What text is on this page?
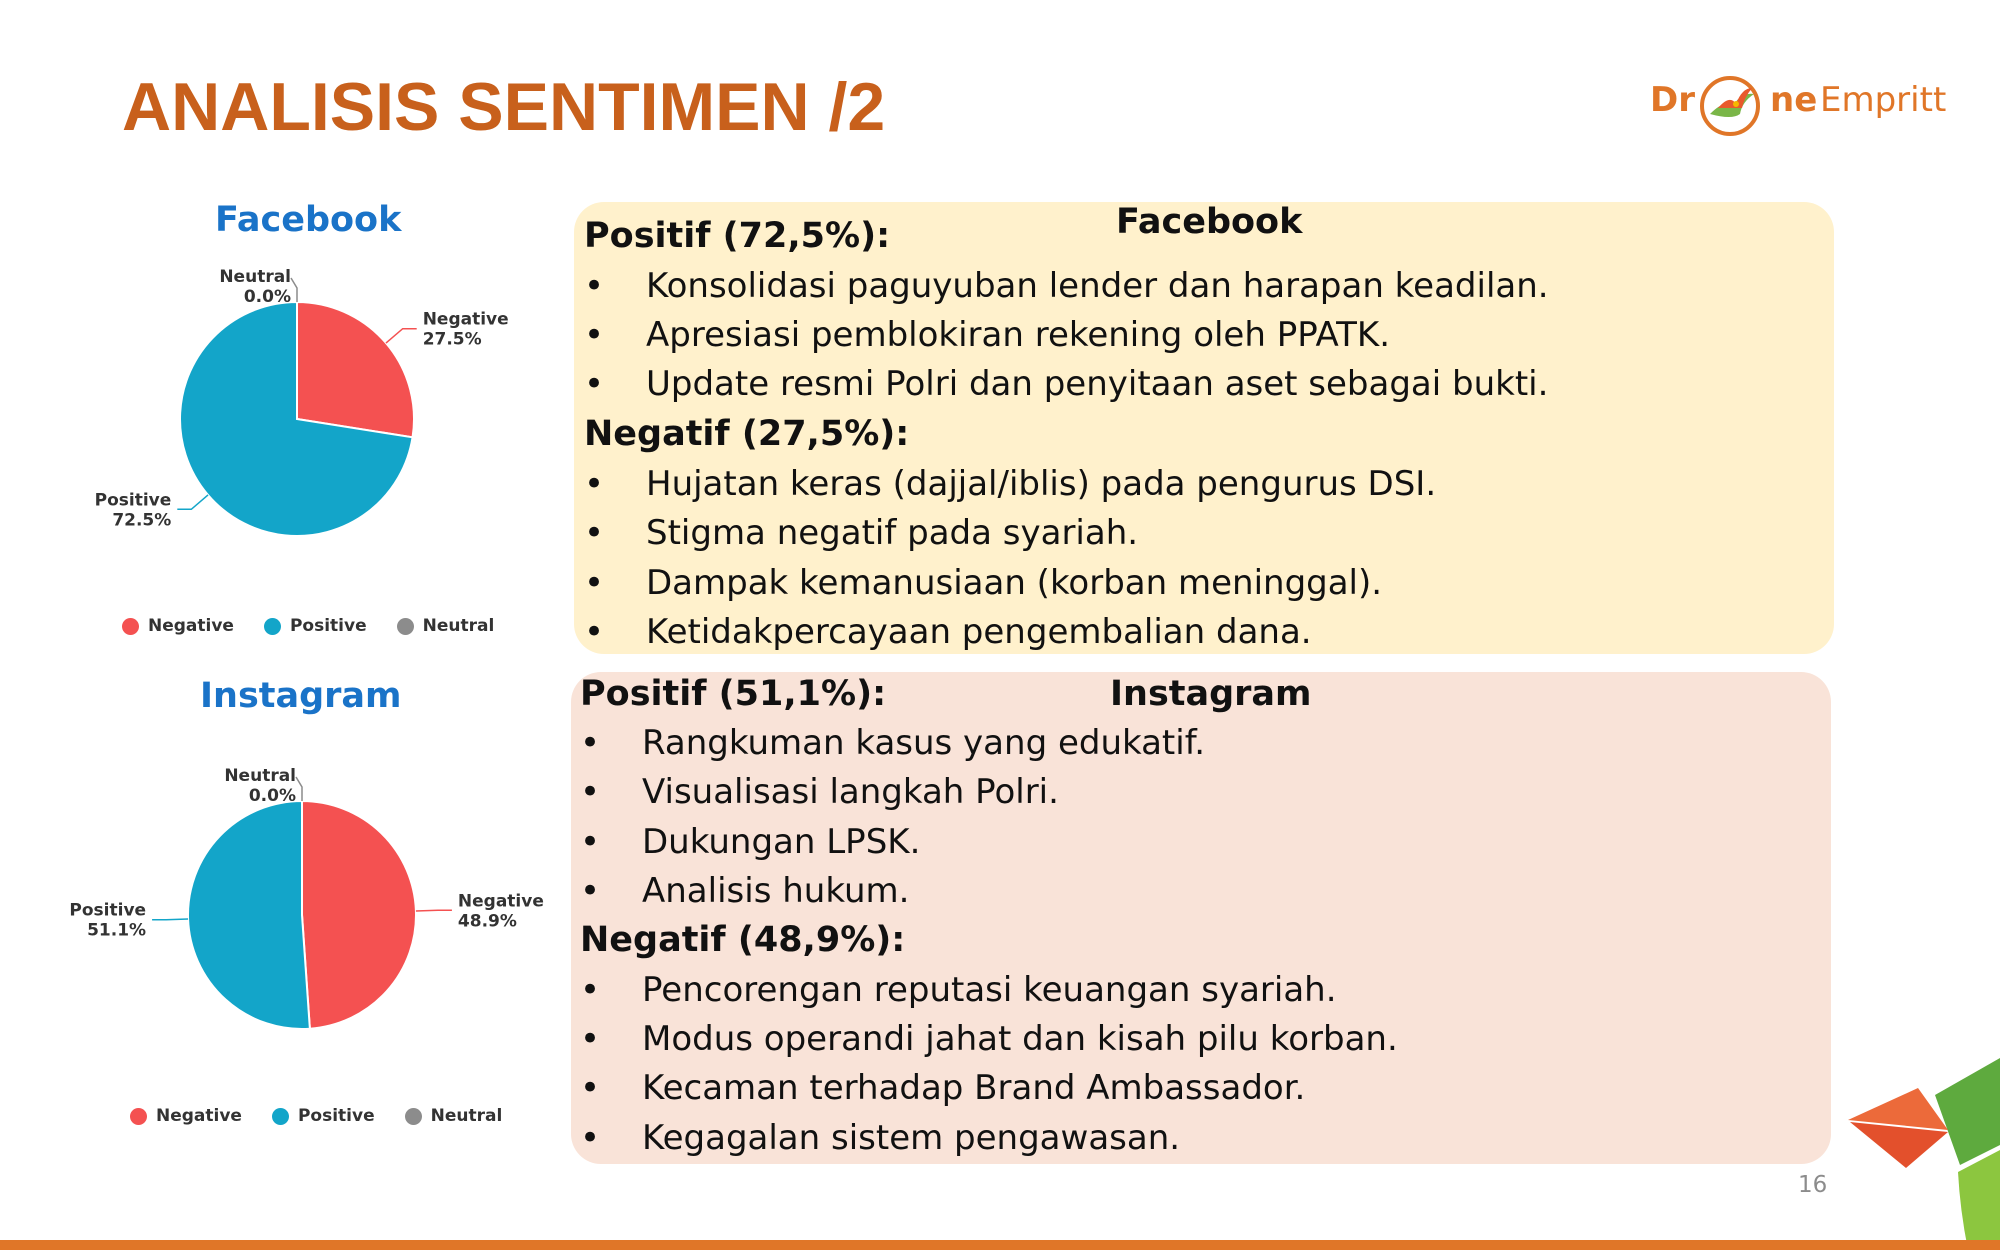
ANALISIS SENTIMEN /2	Dr ne Empritt
Facebook
Negative
27.5%
Positive
72.5%
Neutral
0.0%
Negative	Positive	Neutral
Instagram
Negative
48.9%
Positive
51.1%
Neutral
0.0%
Negative	Positive	Neutral
Facebook
Positif (72,5%):
• Konsolidasi paguyuban lender dan harapan keadilan.
• Apresiasi pemblokiran rekening oleh PPATK.
• Update resmi Polri dan penyitaan aset sebagai bukti.
Negatif (27,5%):
• Hujatan keras (dajjal/iblis) pada pengurus DSI.
• Stigma negatif pada syariah.
• Dampak kemanusiaan (korban meninggal).
• Ketidakpercayaan pengembalian dana.
Instagram
Positif (51,1%):
• Rangkuman kasus yang edukatif.
• Visualisasi langkah Polri.
• Dukungan LPSK.
• Analisis hukum.
Negatif (48,9%):
• Pencorengan reputasi keuangan syariah.
• Modus operandi jahat dan kisah pilu korban.
• Kecaman terhadap Brand Ambassador.
• Kegagalan sistem pengawasan.
16
